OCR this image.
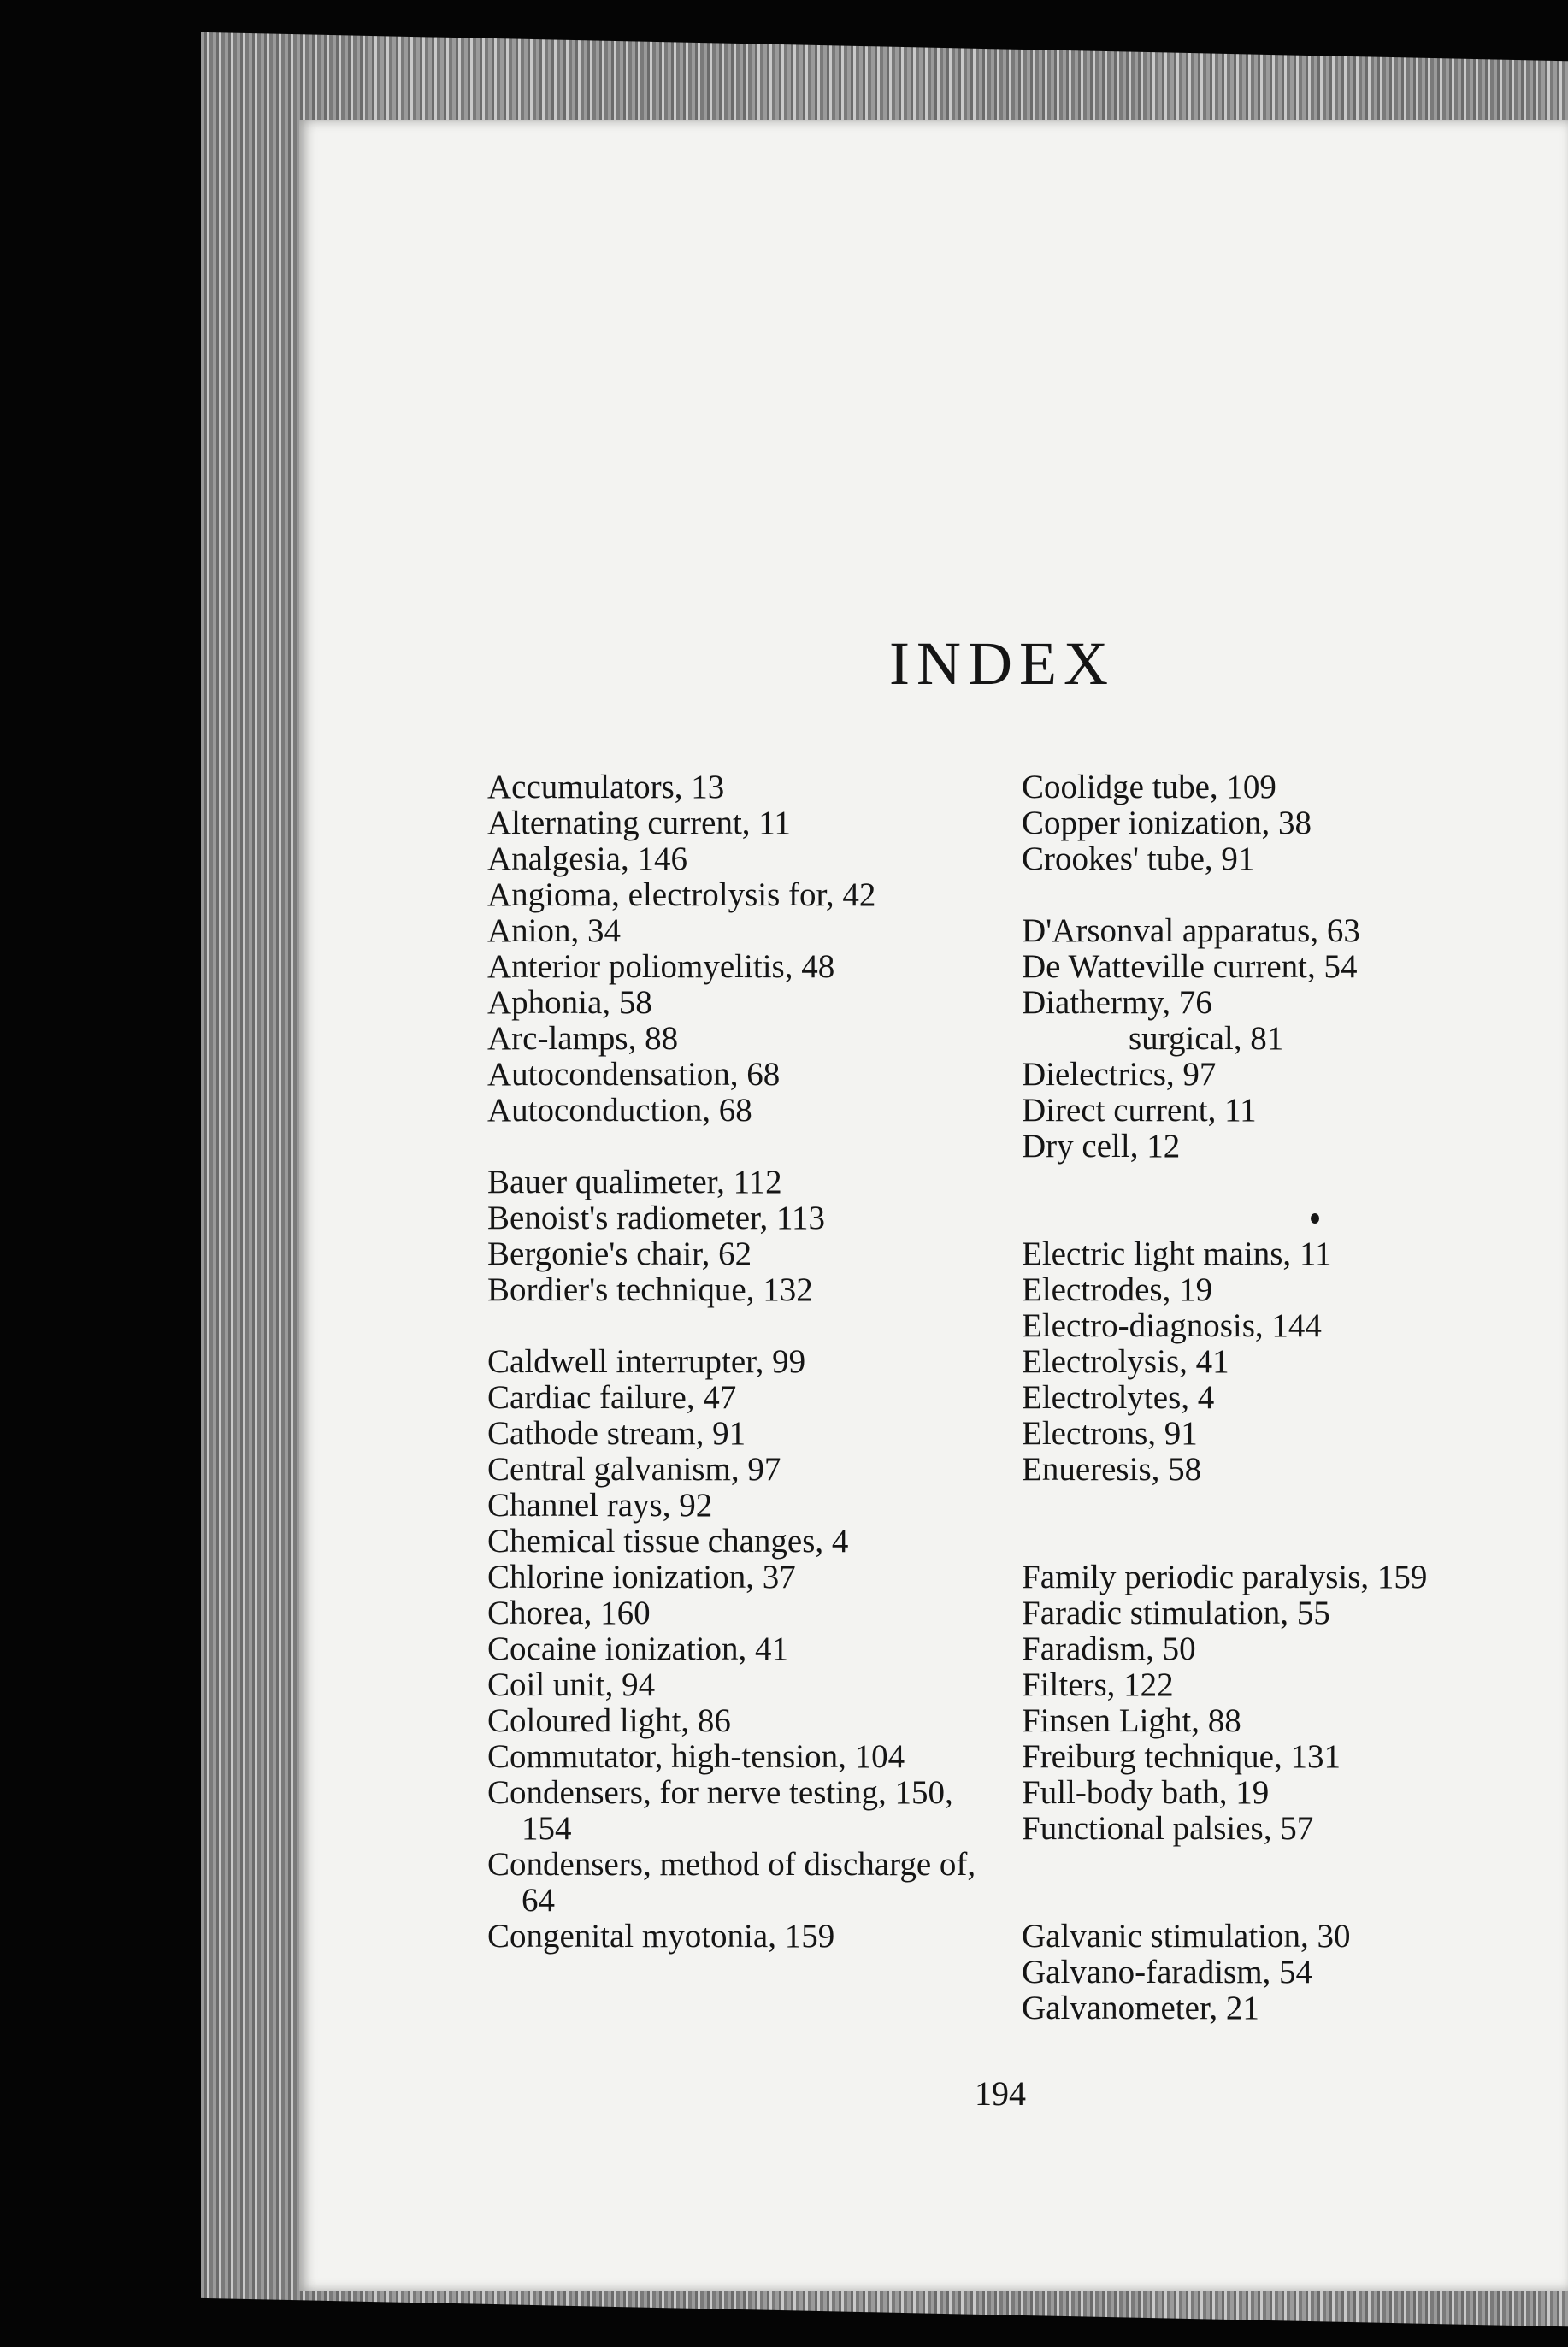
INDEX
Accumulators, 13
Alternating current, 11
Analgesia, 146
Angioma, electrolysis for, 42
Anion, 34
Anterior poliomyelitis, 48
Aphonia, 58
Arc-lamps, 88
Autocondensation, 68
Autoconduction, 68
Bauer qualimeter, 112
Benoist's radiometer, 113
Bergonie's chair, 62
Bordier's technique, 132
Caldwell interrupter, 99
Cardiac failure, 47
Cathode stream, 91
Central galvanism, 97
Channel rays, 92
Chemical tissue changes, 4
Chlorine ionization, 37
Chorea, 160
Cocaine ionization, 41
Coil unit, 94
Coloured light, 86
Commutator, high-tension, 104
Condensers, for nerve testing, 150, 154
Condensers, method of discharge of, 64
Congenital myotonia, 159
Coolidge tube, 109
Copper ionization, 38
Crookes' tube, 91
D'Arsonval apparatus, 63
De Watteville current, 54
Diathermy, 76
surgical, 81
Dielectrics, 97
Direct current, 11
Dry cell, 12
Electric light mains, 11
Electrodes, 19
Electro-diagnosis, 144
Electrolysis, 41
Electrolytes, 4
Electrons, 91
Enueresis, 58
Family periodic paralysis, 159
Faradic stimulation, 55
Faradism, 50
Filters, 122
Finsen Light, 88
Freiburg technique, 131
Full-body bath, 19
Functional palsies, 57
Galvanic stimulation, 30
Galvano-faradism, 54
Galvanometer, 21
194
